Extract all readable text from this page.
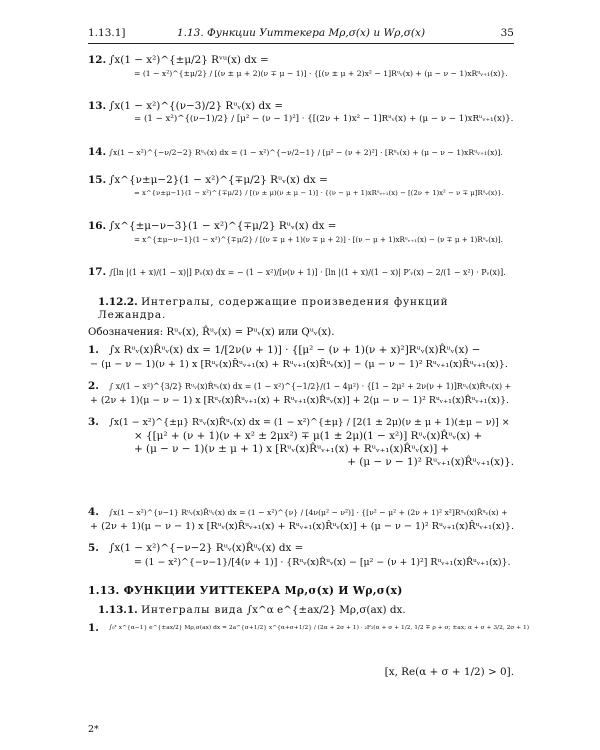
1.13.1]	1.13. Функции Уиттекера Mρ,σ(x) и Wρ,σ(x)	35
12. ∫x(1 − x²)^{±μ/2} Rᵛᵘ(x) dx =
= (1 − x²)^{±μ/2} / [(ν ± μ + 2)(ν ∓ μ − 1)] · {[(ν ± μ + 2)x² − 1]Rᵘᵥ(x) + (μ − ν − 1)xRᵘᵥ₊₁(x)}.
13. ∫x(1 − x²)^{(ν−3)/2} Rᵘᵥ(x) dx =
= (1 − x²)^{(ν−1)/2} / [μ² − (ν − 1)²] · {[(2ν + 1)x² − 1]Rᵘᵥ(x) + (μ − ν − 1)xRᵘᵥ₊₁(x)}.
14. ∫x(1 − x²)^{−ν/2−2} Rᵘᵥ(x) dx = (1 − x²)^{−ν/2−1} / [μ² − (ν + 2)²] · [Rᵘᵥ(x) + (μ − ν − 1)xRᵘᵥ₊₁(x)].
15. ∫x^{ν±μ−2}(1 − x²)^{∓μ/2} Rᵘᵥ(x) dx =
= x^{ν±μ−1}(1 − x²)^{∓μ/2} / [(ν ± μ)(ν ± μ − 1)] · {(ν − μ + 1)xRᵘᵥ₊₁(x) − [(2ν + 1)x² − ν ∓ μ]Rᵘᵥ(x)}.
16. ∫x^{±μ−ν−3}(1 − x²)^{∓μ/2} Rᵘᵥ(x) dx =
= x^{±μ−ν−1}(1 − x²)^{∓μ/2} / [(ν ∓ μ + 1)(ν ∓ μ + 2)] · [(ν − μ + 1)xRᵘᵥ₊₁(x) − (ν ∓ μ + 1)Rᵘᵥ(x)].
17. ∫[ln |(1 + x)/(1 − x)|] Pᵥ(x) dx = − (1 − x²)/[ν(ν + 1)] · [ln |(1 + x)/(1 − x)| P′ᵥ(x) − 2/(1 − x²) · Pᵥ(x)].
1.12.2. Интегралы, содержащие произведения функций Лежандра.
Обозначения: Rᵘᵥ(x), R̂ᵘᵥ(x) = Pᵘᵥ(x) или Qᵘᵥ(x).
1. ∫x Rᵘᵥ(x)R̂ᵘᵥ(x) dx = 1/[2ν(ν + 1)] · {[μ² − (ν + 1)(ν + x)²]Rᵘᵥ(x)R̂ᵘᵥ(x) −
− (μ − ν − 1)(ν + 1) x [Rᵘᵥ(x)R̂ᵘᵥ₊₁(x) + Rᵘᵥ₊₁(x)R̂ᵘᵥ(x)] − (μ − ν − 1)² Rᵘᵥ₊₁(x)R̂ᵘᵥ₊₁(x)}.
2.	∫ x/(1 − x²)^{3/2} Rᵘᵥ(x)R̂ᵘᵥ(x) dx = (1 − x²)^{−1/2}/(1 − 4μ²) · {[1 − 2μ² + 2ν(ν + 1)]Rᵘᵥ(x)R̂ᵘᵥ(x) +
+ (2ν + 1)(μ − ν − 1) x [Rᵘᵥ(x)R̂ᵘᵥ₊₁(x) + Rᵘᵥ₊₁(x)R̂ᵘᵥ(x)] + 2(μ − ν − 1)² Rᵘᵥ₊₁(x)R̂ᵘᵥ₊₁(x)}.
3.	∫x(1 − x²)^{±μ} Rᵘᵥ(x)R̂ᵘᵥ(x) dx = (1 − x²)^{±μ} / [2(1 ± 2μ)(ν ± μ + 1)(±μ − ν)] ×
× {[μ² + (ν + 1)(ν + x² ± 2μx²) ∓ μ(1 ± 2μ)(1 − x²)] Rᵘᵥ(x)R̂ᵘᵥ(x) +
+ (μ − ν − 1)(ν ± μ + 1) x [Rᵘᵥ(x)R̂ᵘᵥ₊₁(x) + Rᵘᵥ₊₁(x)R̂ᵘᵥ(x)] +
+ (μ − ν − 1)² Rᵘᵥ₊₁(x)R̂ᵘᵥ₊₁(x)}.
4.	∫x(1 − x²)^{ν−1} Rᵘᵥ(x)R̂ᵘᵥ(x) dx = (1 − x²)^{ν} / [4ν(μ² − ν²)] · {[ν² − μ² + (2ν + 1)² x²]Rᵘᵥ(x)R̂ᵘᵥ(x) +
+ (2ν + 1)(μ − ν − 1) x [Rᵘᵥ(x)R̂ᵘᵥ₊₁(x) + Rᵘᵥ₊₁(x)R̂ᵘᵥ(x)] + (μ − ν − 1)² Rᵘᵥ₊₁(x)R̂ᵘᵥ₊₁(x)}.
5. ∫x(1 − x²)^{−ν−2} Rᵘᵥ(x)R̂ᵘᵥ(x) dx =
= (1 − x²)^{−ν−1}/[4(ν + 1)] · {Rᵘᵥ(x)R̂ᵘᵥ(x) − [μ² − (ν + 1)²] Rᵘᵥ₊₁(x)R̂ᵘᵥ₊₁(x)}.
1.13. ФУНКЦИИ УИТТЕКЕРА Mρ,σ(x) И Wρ,σ(x)
1.13.1. Интегралы вида ∫x^α e^{±ax/2} Mρ,σ(ax) dx.
1.	∫₀ˣ x^{α−1} e^{±ax/2} Mρ,σ(ax) dx = 2a^{σ+1/2} x^{α+σ+1/2} / (2α + 2σ + 1) · ₂F₂(α + σ + 1/2, 1/2 ∓ ρ + σ; ±ax; α + σ + 3/2, 2σ + 1)
[x, Re(α + σ + 1/2) > 0].
2*
